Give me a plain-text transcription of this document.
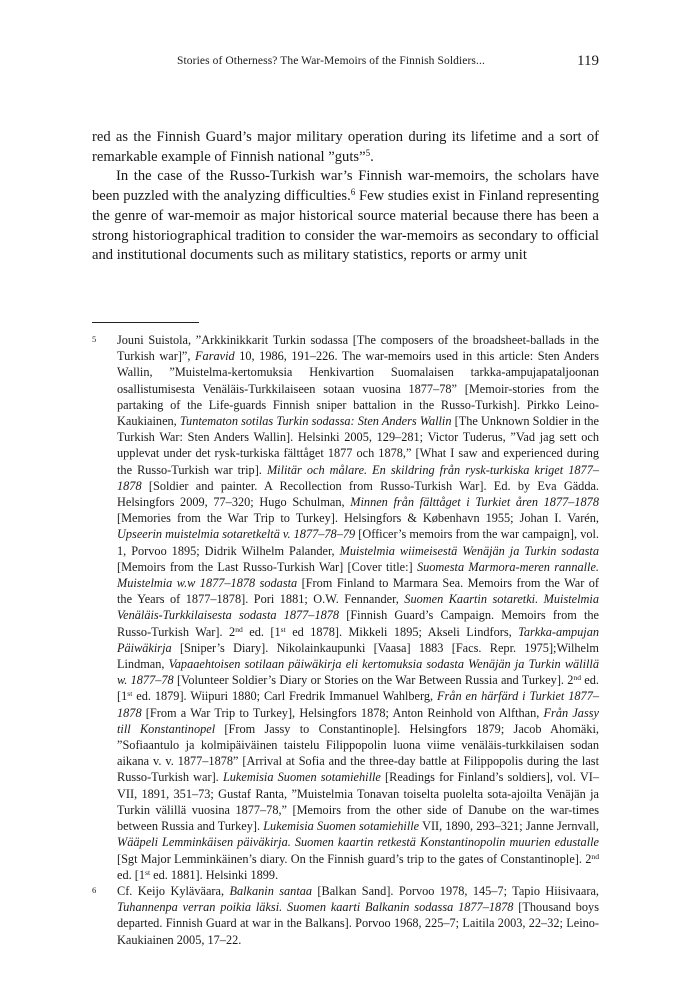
Stories of Otherness? The War-Memoirs of the Finnish Soldiers...	119

red as the Finnish Guard’s major military operation during its lifetime and a sort of remarkable example of Finnish national ”guts”$^5$.

In the case of the Russo-Turkish war’s Finnish war-memoirs, the scholars have been puzzled with the analyzing difficulties.$^6$ Few studies exist in Finland representing the genre of war-memoir as major historical source material because there has been a strong historiographical tradition to consider the war-memoirs as secondary to official and institutional documents such as military statistics, reports or army unit

5 Jouni Suistola, ”Arkkinikkarit Turkin sodassa [The composers of the broadsheet-ballads in the Turkish war]”, Faravid 10, 1986, 191–226. The war-memoirs used in this article: Sten Anders Wallin, ”Muistelma-kertomuksia Henkivartion Suomalaisen tarkka-ampujapataljoonan osallistumisesta Venäläis-Turkkilaiseen sotaan vuosina 1877–78” [Memoir-stories from the partaking of the Life-guards Finnish sniper battalion in the Russo-Turkish]. Pirkko Leino-Kaukiainen, Tuntematon sotilas Turkin sodassa: Sten Anders Wallin [The Unknown Soldier in the Turkish War: Sten Anders Wallin]. Helsinki 2005, 129–281; Victor Tuderus, ”Vad jag sett och upplevat under det rysk-turkiska fälttåget 1877 och 1878,” [What I saw and experienced during the Russo-Turkish war trip]. Militär och målare. En skildring från rysk-turkiska kriget 1877–1878 [Soldier and painter. A Recollection from Russo-Turkish War]. Ed. by Eva Gädda. Helsingfors 2009, 77–320; Hugo Schulman, Minnen från fälttåget i Turkiet åren 1877–1878 [Memories from the War Trip to Turkey]. Helsingfors & København 1955; Johan I. Varén, Upseerin muistelmia sotaretkeltä v. 1877–78–79 [Officer’s memoirs from the war campaign], vol. 1, Porvoo 1895; Didrik Wilhelm Palander, Muistelmia wiimeisestä Wenäjän ja Turkin sodasta [Memoirs from the Last Russo-Turkish War] [Cover title:] Suomesta Marmora-meren rannalle. Muistelmia w.w 1877–1878 sodasta [From Finland to Marmara Sea. Memoirs from the War of the Years of 1877–1878]. Pori 1881; O.W. Fennander, Suomen Kaartin sotaretki. Muistelmia Venäläis-Turkkilaisesta sodasta 1877–1878 [Finnish Guard’s Campaign. Memoirs from the Russo-Turkish War]. 2nd ed. [1st ed 1878]. Mikkeli 1895; Akseli Lindfors, Tarkka-ampujan Päiwäkirja [Sniper’s Diary]. Nikolainkaupunki [Vaasa] 1883 [Facs. Repr. 1975];Wilhelm Lindman, Vapaaehtoisen sotilaan päiwäkirja eli kertomuksia sodasta Wenäjän ja Turkin wälillä w. 1877–78 [Volunteer Soldier’s Diary or Stories on the War Between Russia and Turkey]. 2nd ed. [1st ed. 1879]. Wiipuri 1880; Carl Fredrik Immanuel Wahlberg, Från en härfärd i Turkiet 1877–1878 [From a War Trip to Turkey], Helsingfors 1878; Anton Reinhold von Alfthan, Från Jassy till Konstantinopel [From Jassy to Constantinople]. Helsingfors 1879; Jacob Ahomäki, ”Sofiaantulo ja kolmipäiväinen taistelu Filippopolin luona viime venäläis-turkkilaisen sodan aikana v. v. 1877–1878” [Arrival at Sofia and the three-day battle at Filippopolis during the last Russo-Turkish war]. Lukemisia Suomen sotamiehille [Readings for Finland’s soldiers], vol. VI–VII, 1891, 351–73; Gustaf Ranta, ”Muistelmia Tonavan toiselta puolelta sota-ajoilta Venäjän ja Turkin välillä vuosina 1877–78,” [Memoirs from the other side of Danube on the war-times between Russia and Turkey]. Lukemisia Suomen sotamiehille VII, 1890, 293–321; Janne Jernvall, Wääpeli Lemminkäisen päiväkirja. Suomen kaartin retkestä Konstantinopolin muurien edustalle [Sgt Major Lemminkäinen’s diary. On the Finnish guard’s trip to the gates of Constantinople]. 2nd ed. [1st ed. 1881]. Helsinki 1899.
6 Cf. Keijo Kyläväara, Balkanin santaa [Balkan Sand]. Porvoo 1978, 145–7; Tapio Hiisivaara, Tuhannenpa verran poikia läksi. Suomen kaarti Balkanin sodassa 1877–1878 [Thousand boys departed. Finnish Guard at war in the Balkans]. Porvoo 1968, 225–7; Laitila 2003, 22–32; Leino-Kaukiainen 2005, 17–22.
